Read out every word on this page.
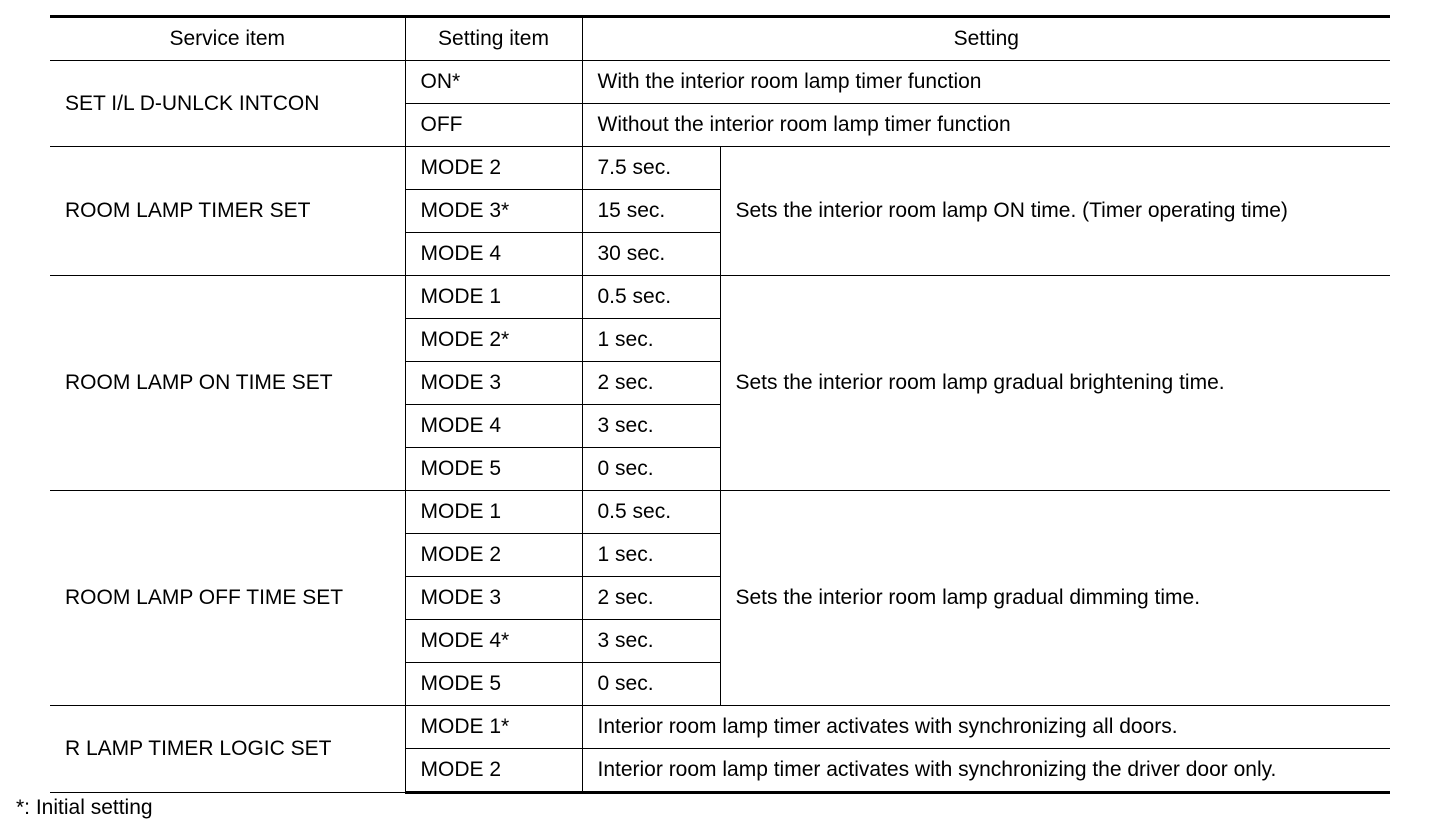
Service item	Setting item	Setting	
SET I/L D-UNLCK INTCON	ON*	With the interior room lamp timer function	
	OFF	Without the interior room lamp timer function	
ROOM LAMP TIMER SET	MODE 2	7.5 sec.	Sets the interior room lamp ON time. (Timer operating time)
	MODE 3*	15 sec.	
	MODE 4	30 sec.	
ROOM LAMP ON TIME SET	MODE 1	0.5 sec.	Sets the interior room lamp gradual brightening time.
	MODE 2*	1 sec.	
	MODE 3	2 sec.	
	MODE 4	3 sec.	
	MODE 5	0 sec.	
ROOM LAMP OFF TIME SET	MODE 1	0.5 sec.	Sets the interior room lamp gradual dimming time.
	MODE 2	1 sec.	
	MODE 3	2 sec.	
	MODE 4*	3 sec.	
	MODE 5	0 sec.	
R LAMP TIMER LOGIC SET	MODE 1*	Interior room lamp timer activates with synchronizing all doors.	
	MODE 2	Interior room lamp timer activates with synchronizing the driver door only.	
*: Initial setting
